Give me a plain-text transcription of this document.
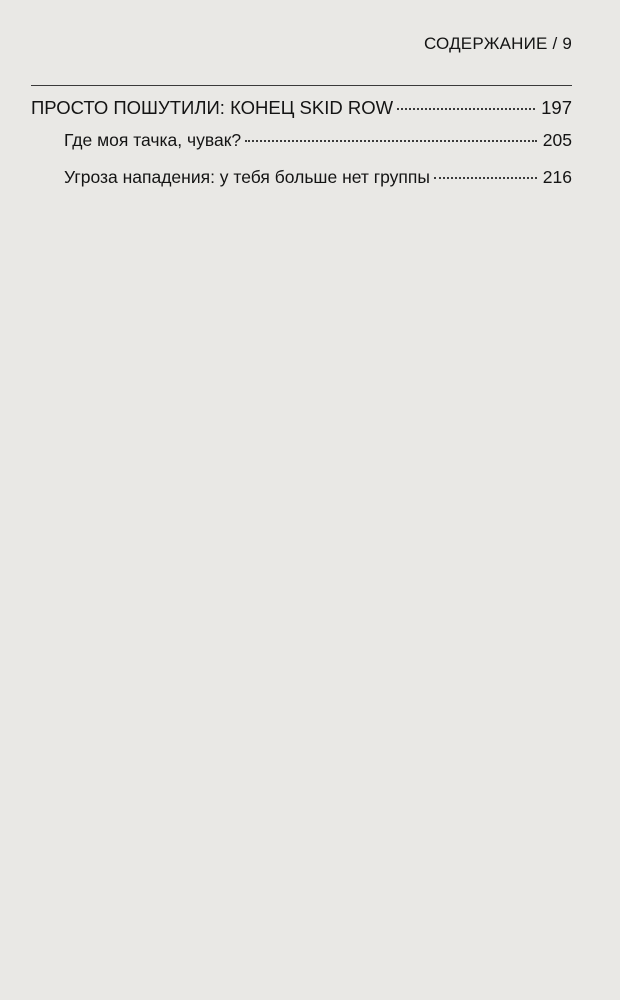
СОДЕРЖАНИЕ / 9
ПРОСТО ПОШУТИЛИ: КОНЕЦ SKID ROW	197
Где моя тачка, чувак?	205
Угроза нападения: у тебя больше нет группы	216
